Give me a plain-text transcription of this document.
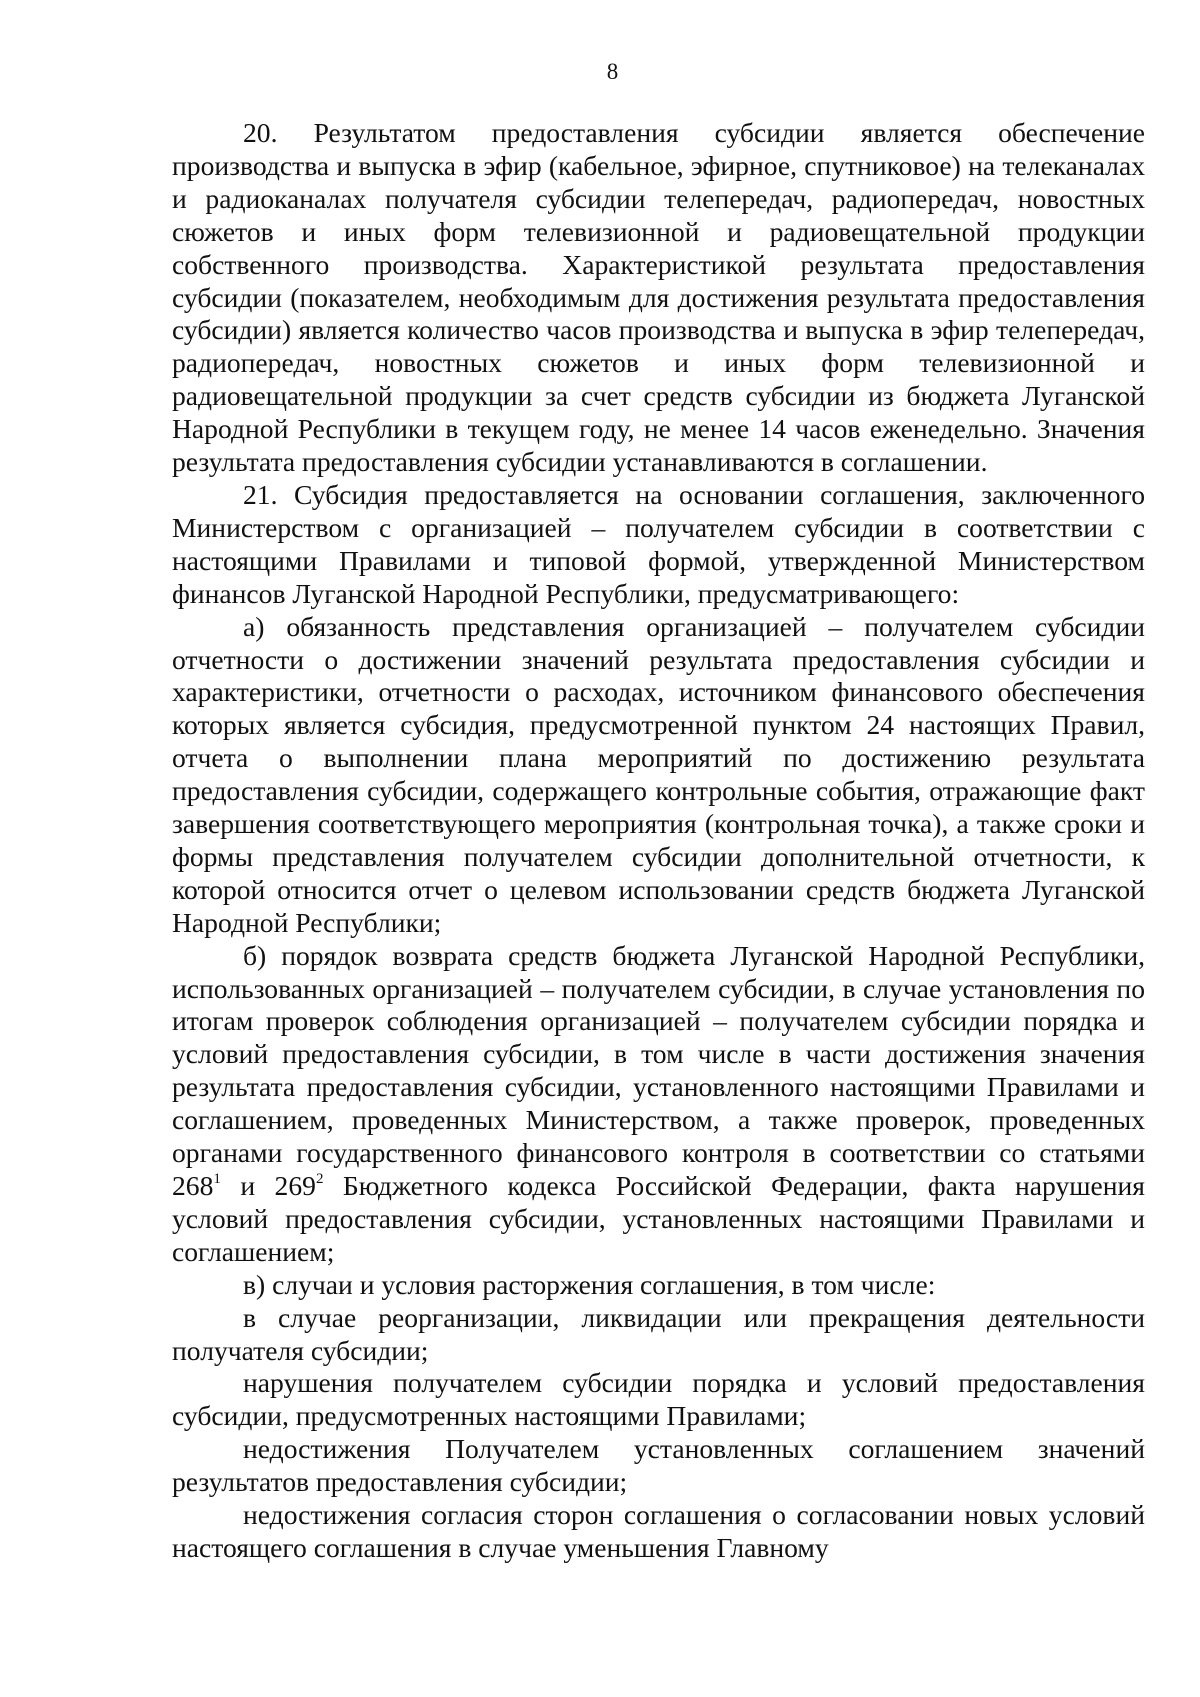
8

20. Результатом предоставления субсидии является обеспечение производства и выпуска в эфир (кабельное, эфирное, спутниковое) на телеканалах и радиоканалах получателя субсидии телепередач, радиопередач, новостных сюжетов и иных форм телевизионной и радиовещательной продукции собственного производства. Характеристикой результата предоставления субсидии (показателем, необходимым для достижения результата предоставления субсидии) является количество часов производства и выпуска в эфир телепередач, радиопередач, новостных сюжетов и иных форм телевизионной и радиовещательной продукции за счет средств субсидии из бюджета Луганской Народной Республики в текущем году, не менее 14 часов еженедельно. Значения результата предоставления субсидии устанавливаются в соглашении.

21. Субсидия предоставляется на основании соглашения, заключенного Министерством с организацией – получателем субсидии в соответствии с настоящими Правилами и типовой формой, утвержденной Министерством финансов Луганской Народной Республики, предусматривающего:

а) обязанность представления организацией – получателем субсидии отчетности о достижении значений результата предоставления субсидии и характеристики, отчетности о расходах, источником финансового обеспечения которых является субсидия, предусмотренной пунктом 24 настоящих Правил, отчета о выполнении плана мероприятий по достижению результата предоставления субсидии, содержащего контрольные события, отражающие факт завершения соответствующего мероприятия (контрольная точка), а также сроки и формы представления получателем субсидии дополнительной отчетности, к которой относится отчет о целевом использовании средств бюджета Луганской Народной Республики;

б) порядок возврата средств бюджета Луганской Народной Республики, использованных организацией – получателем субсидии, в случае установления по итогам проверок соблюдения организацией – получателем субсидии порядка и условий предоставления субсидии, в том числе в части достижения значения результата предоставления субсидии, установленного настоящими Правилами и соглашением, проведенных Министерством, а также проверок, проведенных органами государственного финансового контроля в соответствии со статьями $268^1$ и $269^2$ Бюджетного кодекса Российской Федерации, факта нарушения условий предоставления субсидии, установленных настоящими Правилами и соглашением;

в) случаи и условия расторжения соглашения, в том числе:

в случае реорганизации, ликвидации или прекращения деятельности получателя субсидии;

нарушения получателем субсидии порядка и условий предоставления субсидии, предусмотренных настоящими Правилами;

недостижения Получателем установленных соглашением значений результатов предоставления субсидии;

недостижения согласия сторон соглашения о согласовании новых условий настоящего соглашения в случае уменьшения Главному
